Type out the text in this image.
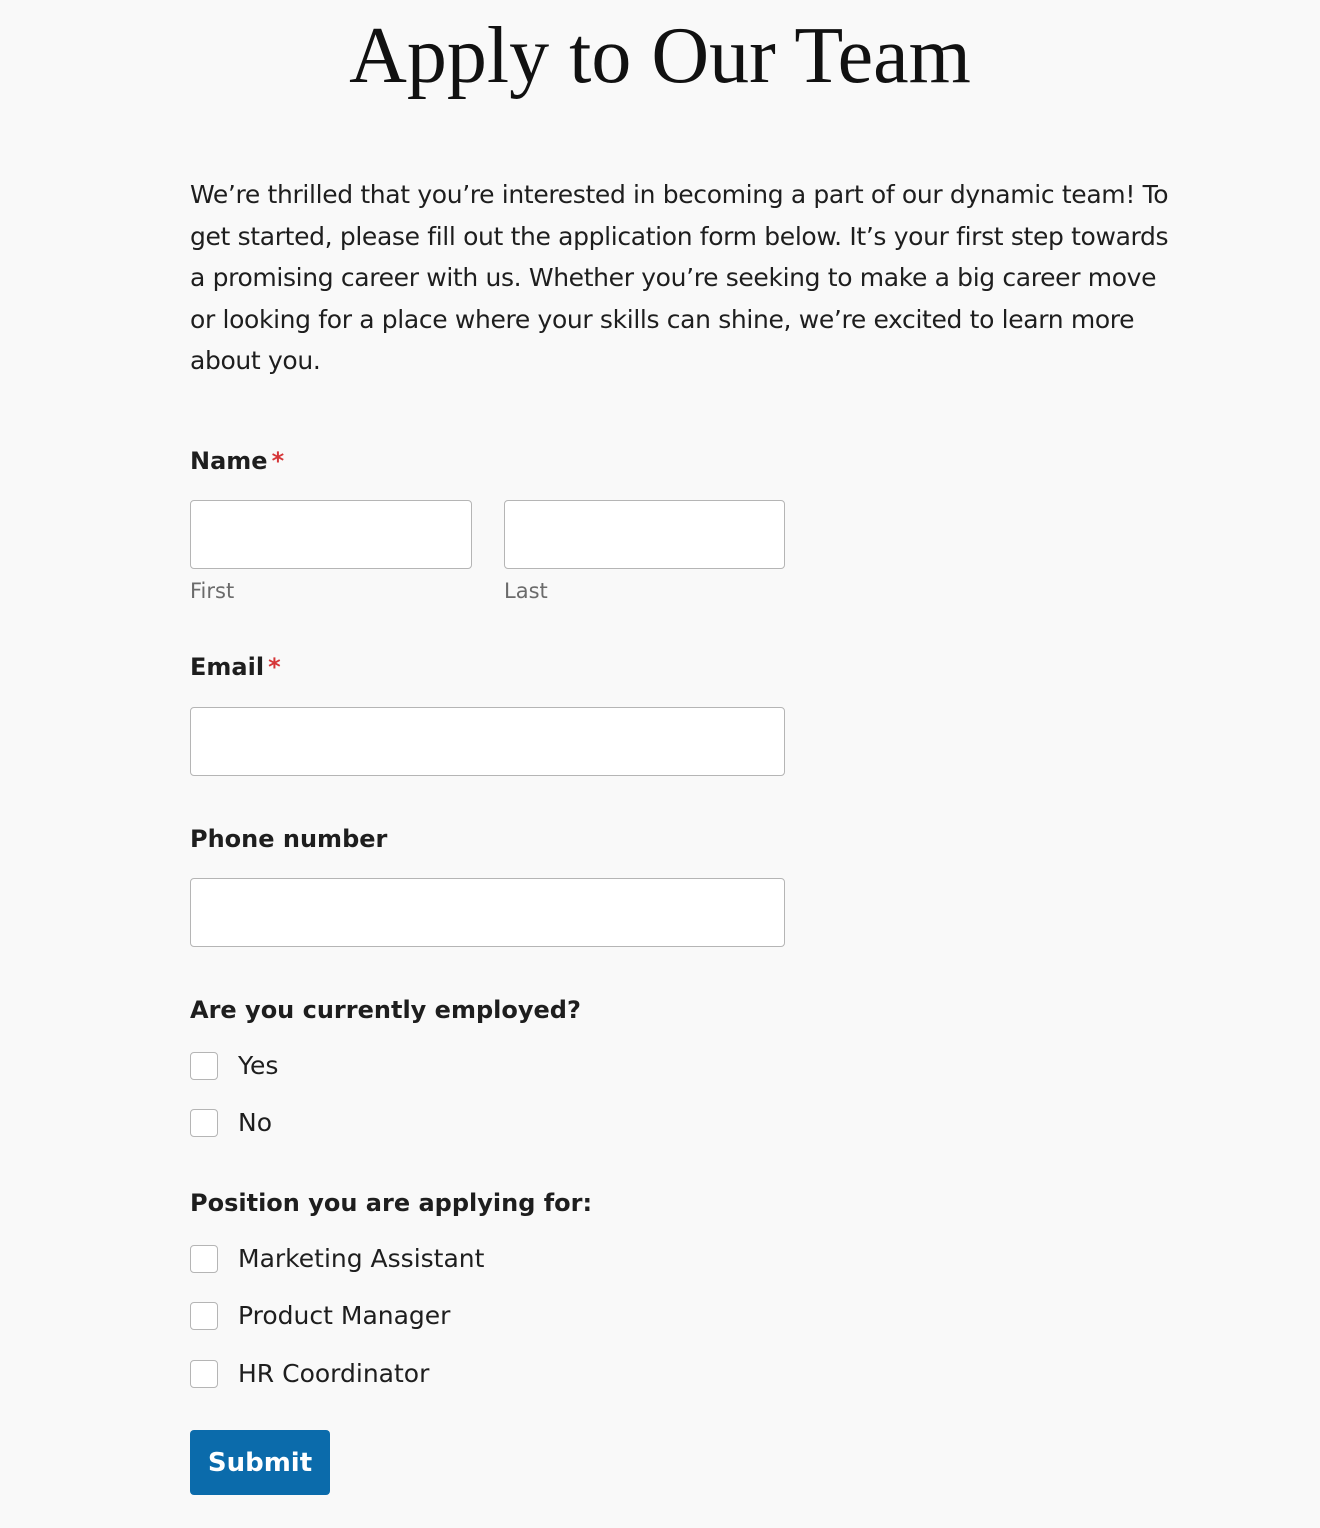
Apply to Our Team

We’re thrilled that you’re interested in becoming a part of our dynamic team! To get started, please fill out the application form below. It’s your first step towards a promising career with us. Whether you’re seeking to make a big career move or looking for a place where your skills can shine, we’re excited to learn more about you.

Name *
First	Last
Email *
Phone number
Are you currently employed?
Yes
No
Position you are applying for:
Marketing Assistant
Product Manager
HR Coordinator
Submit
